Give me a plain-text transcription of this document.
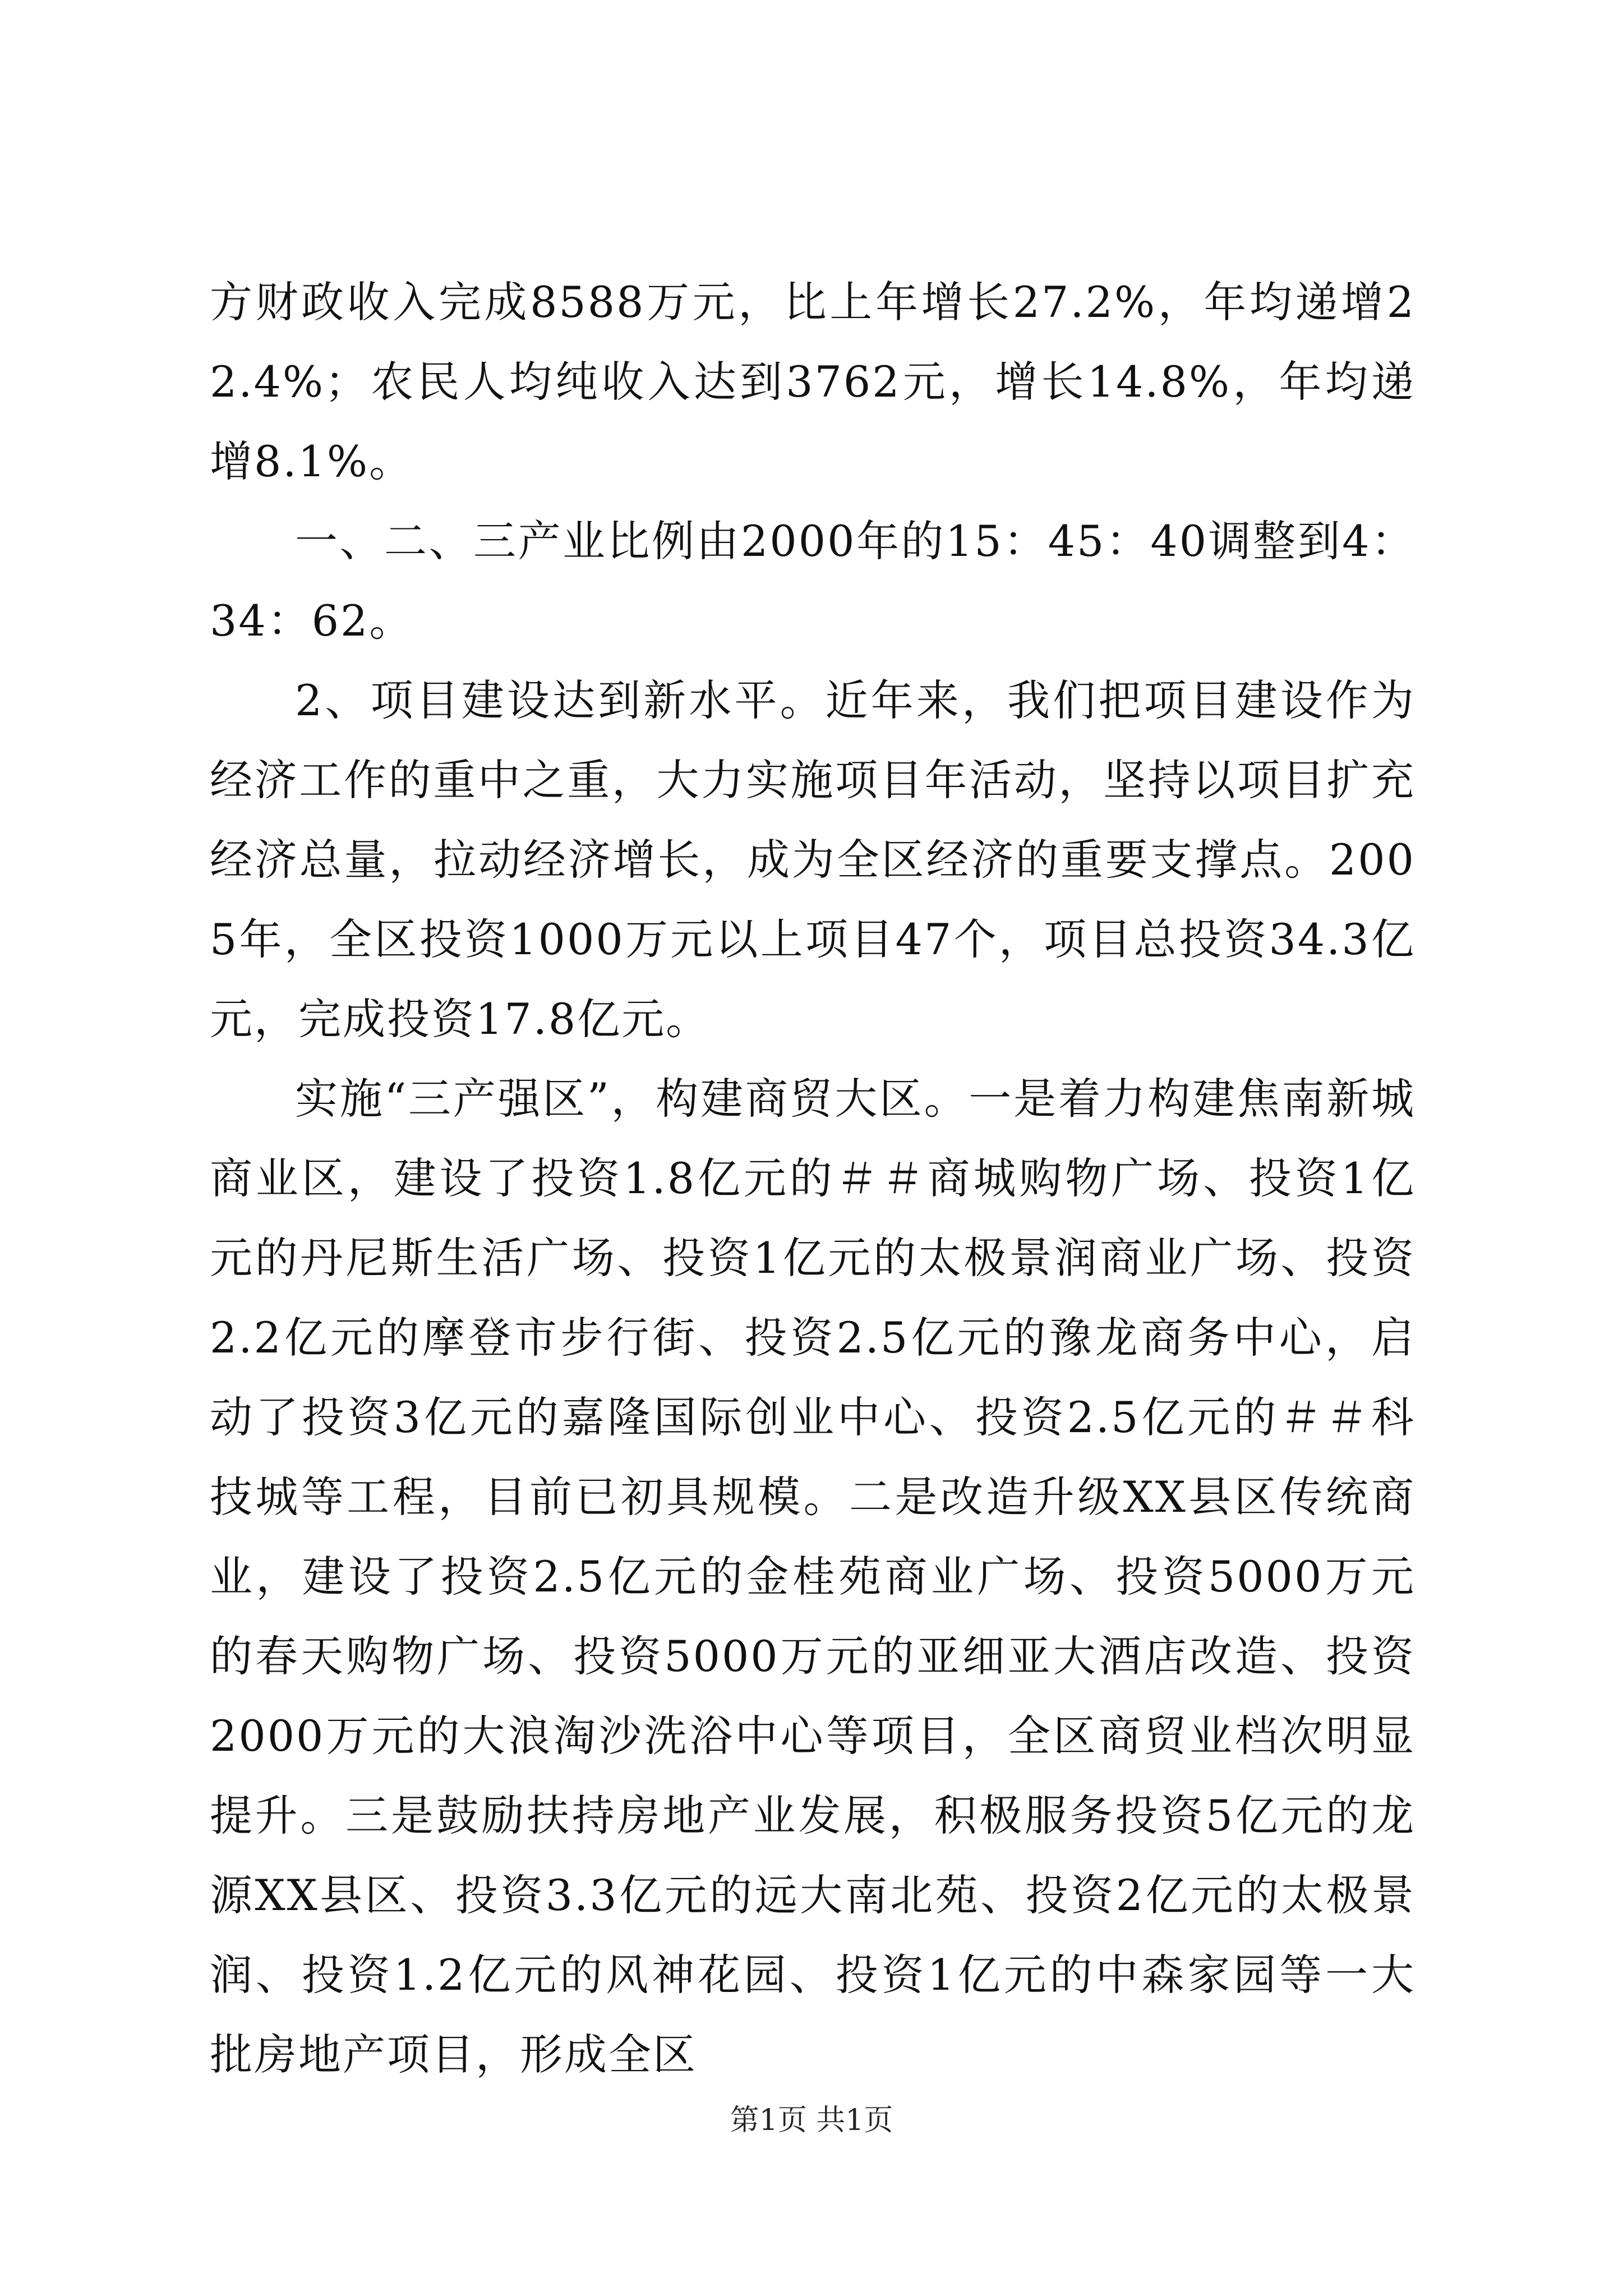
方财政收入完成8588万元，比上年增长27.2%，年均递增22.4%；农民人均纯收入达到3762元，增长14.8%，年均递增8.1%。

一、二、三产业比例由2000年的15：45：40调整到4：34：62。

2、项目建设达到新水平。近年来，我们把项目建设作为经济工作的重中之重，大力实施项目年活动，坚持以项目扩充经济总量，拉动经济增长，成为全区经济的重要支撑点。2005年，全区投资1000万元以上项目47个，项目总投资34.3亿元，完成投资17.8亿元。

实施“三产强区”，构建商贸大区。一是着力构建焦南新城商业区，建设了投资1.8亿元的＃＃商城购物广场、投资1亿元的丹尼斯生活广场、投资1亿元的太极景润商业广场、投资2.2亿元的摩登市步行街、投资2.5亿元的豫龙商务中心，启动了投资3亿元的嘉隆国际创业中心、投资2.5亿元的＃＃科技城等工程，目前已初具规模。二是改造升级XX县区传统商业，建设了投资2.5亿元的金桂苑商业广场、投资5000万元的春天购物广场、投资5000万元的亚细亚大酒店改造、投资2000万元的大浪淘沙洗浴中心等项目，全区商贸业档次明显提升。三是鼓励扶持房地产业发展，积极服务投资5亿元的龙源XX县区、投资3.3亿元的远大南北苑、投资2亿元的太极景润、投资1.2亿元的风神花园、投资1亿元的中森家园等一大批房地产项目，形成全区

第1页 共1页
